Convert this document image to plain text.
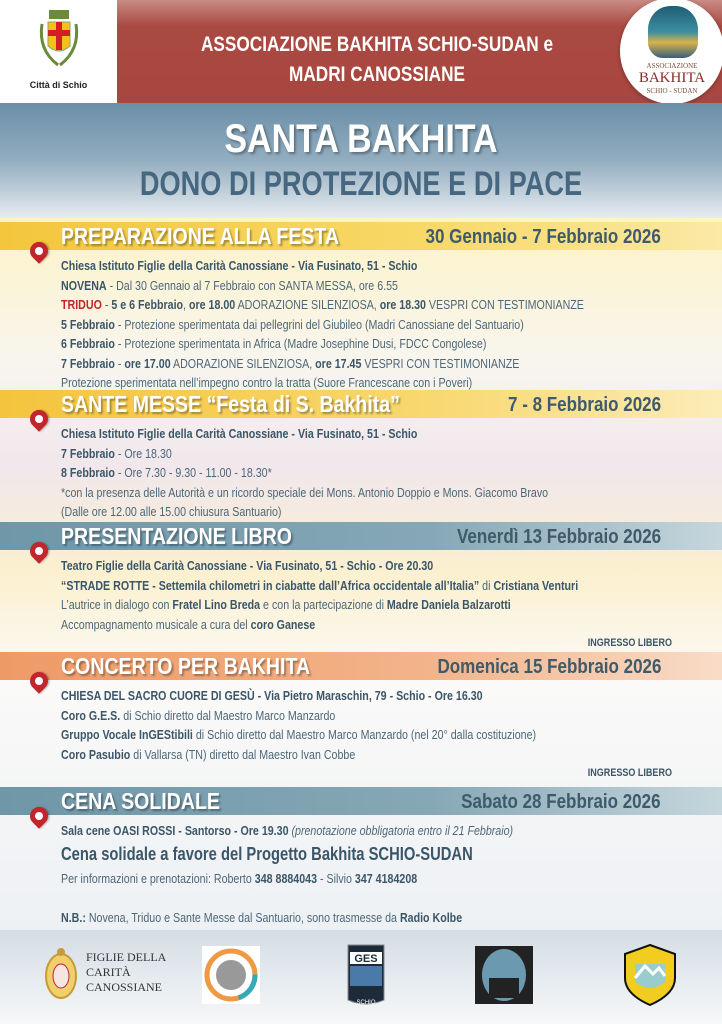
Città di Schio
ASSOCIAZIONE BAKHITA SCHIO-SUDAN e
MADRI CANOSSIANE	ASSOCIAZIONE
BAKHITA
SCHIO - SUDAN
SANTA BAKHITA
DONO DI PROTEZIONE E DI PACE
PREPARAZIONE ALLA FESTA	30 Gennaio - 7 Febbraio 2026
Chiesa Istituto Figlie della Carità Canossiane - Via Fusinato, 51 - Schio
NOVENA - Dal 30 Gennaio al 7 Febbraio con SANTA MESSA, ore 6.55
TRIDUO - 5 e 6 Febbraio, ore 18.00 ADORAZIONE SILENZIOSA, ore 18.30 VESPRI CON TESTIMONIANZE
5 Febbraio - Protezione sperimentata dai pellegrini del Giubileo (Madri Canossiane del Santuario)
6 Febbraio - Protezione sperimentata in Africa (Madre Josephine Dusi, FDCC Congolese)
7 Febbraio - ore 17.00 ADORAZIONE SILENZIOSA, ore 17.45 VESPRI CON TESTIMONIANZE
Protezione sperimentata nell’impegno contro la tratta (Suore Francescane con i Poveri)
SANTE MESSE “Festa di S. Bakhita”	7 - 8 Febbraio 2026
Chiesa Istituto Figlie della Carità Canossiane - Via Fusinato, 51 - Schio
7 Febbraio - Ore 18.30
8 Febbraio - Ore 7.30 - 9.30 - 11.00 - 18.30*
*con la presenza delle Autorità e un ricordo speciale dei Mons. Antonio Doppio e Mons. Giacomo Bravo
(Dalle ore 12.00 alle 15.00 chiusura Santuario)
PRESENTAZIONE LIBRO	Venerdì 13 Febbraio 2026
Teatro Figlie della Carità Canossiane - Via Fusinato, 51 - Schio - Ore 20.30
“STRADE ROTTE - Settemila chilometri in ciabatte dall’Africa occidentale all’Italia” di Cristiana Venturi
L’autrice in dialogo con Fratel Lino Breda e con la partecipazione di Madre Daniela Balzarotti
Accompagnamento musicale a cura del coro Ganese
INGRESSO LIBERO
CONCERTO PER BAKHITA	Domenica 15 Febbraio 2026
CHIESA DEL SACRO CUORE DI GESÙ - Via Pietro Maraschin, 79 - Schio - Ore 16.30
Coro G.E.S. di Schio diretto dal Maestro Marco Manzardo
Gruppo Vocale InGEStibili di Schio diretto dal Maestro Marco Manzardo (nel 20° dalla costituzione)
Coro Pasubio di Vallarsa (TN) diretto dal Maestro Ivan Cobbe
INGRESSO LIBERO
CENA SOLIDALE	Sabato 28 Febbraio 2026
Sala cene OASI ROSSI - Santorso - Ore 19.30 (prenotazione obbligatoria entro il 21 Febbraio)
Cena solidale a favore del Progetto Bakhita SCHIO-SUDAN
Per informazioni e prenotazioni: Roberto 348 8884043 - Silvio 347 4184208
N.B.: Novena, Triduo e Sante Messe dal Santuario, sono trasmesse da Radio Kolbe
FIGLIE DELLA
CARITÀ
CANOSSIANE
GES
SCHIO
